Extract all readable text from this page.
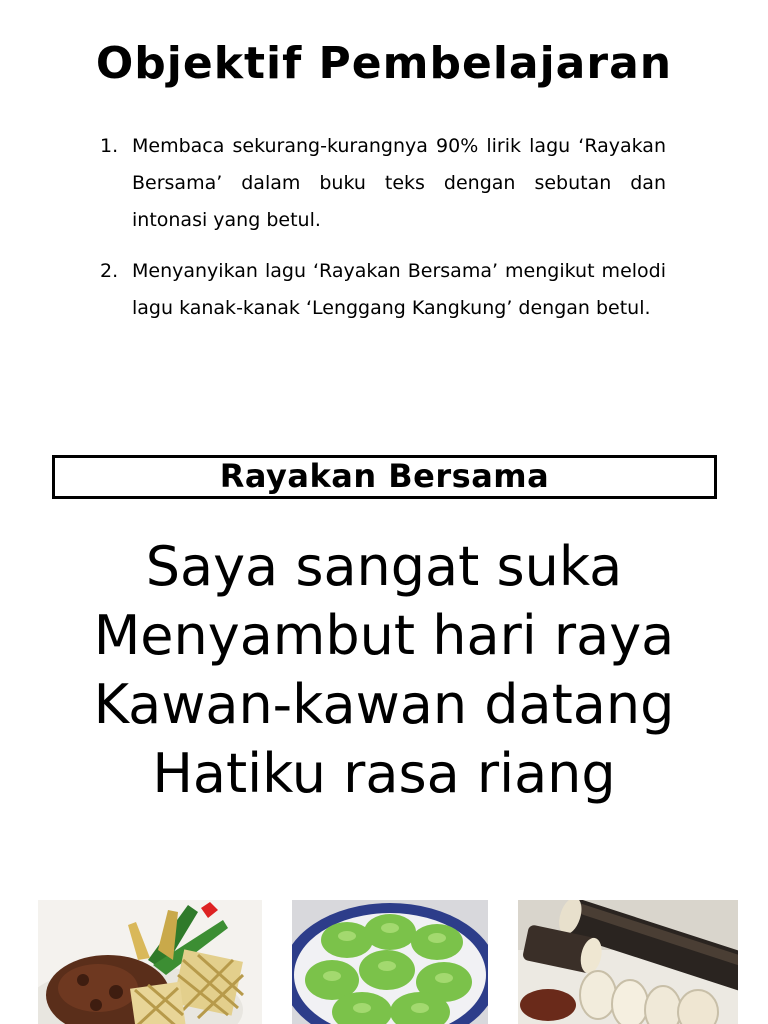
Objektif Pembelajaran
1. Membaca sekurang-kurangnya 90% lirik lagu ‘Rayakan Bersama’ dalam buku teks dengan sebutan dan intonasi yang betul.
2. Menyanyikan lagu ‘Rayakan Bersama’ mengikut melodi lagu kanak-kanak ‘Lenggang Kangkung’ dengan betul.
Rayakan Bersama
Saya sangat suka
Menyambut hari raya
Kawan-kawan datang
Hatiku rasa riang
